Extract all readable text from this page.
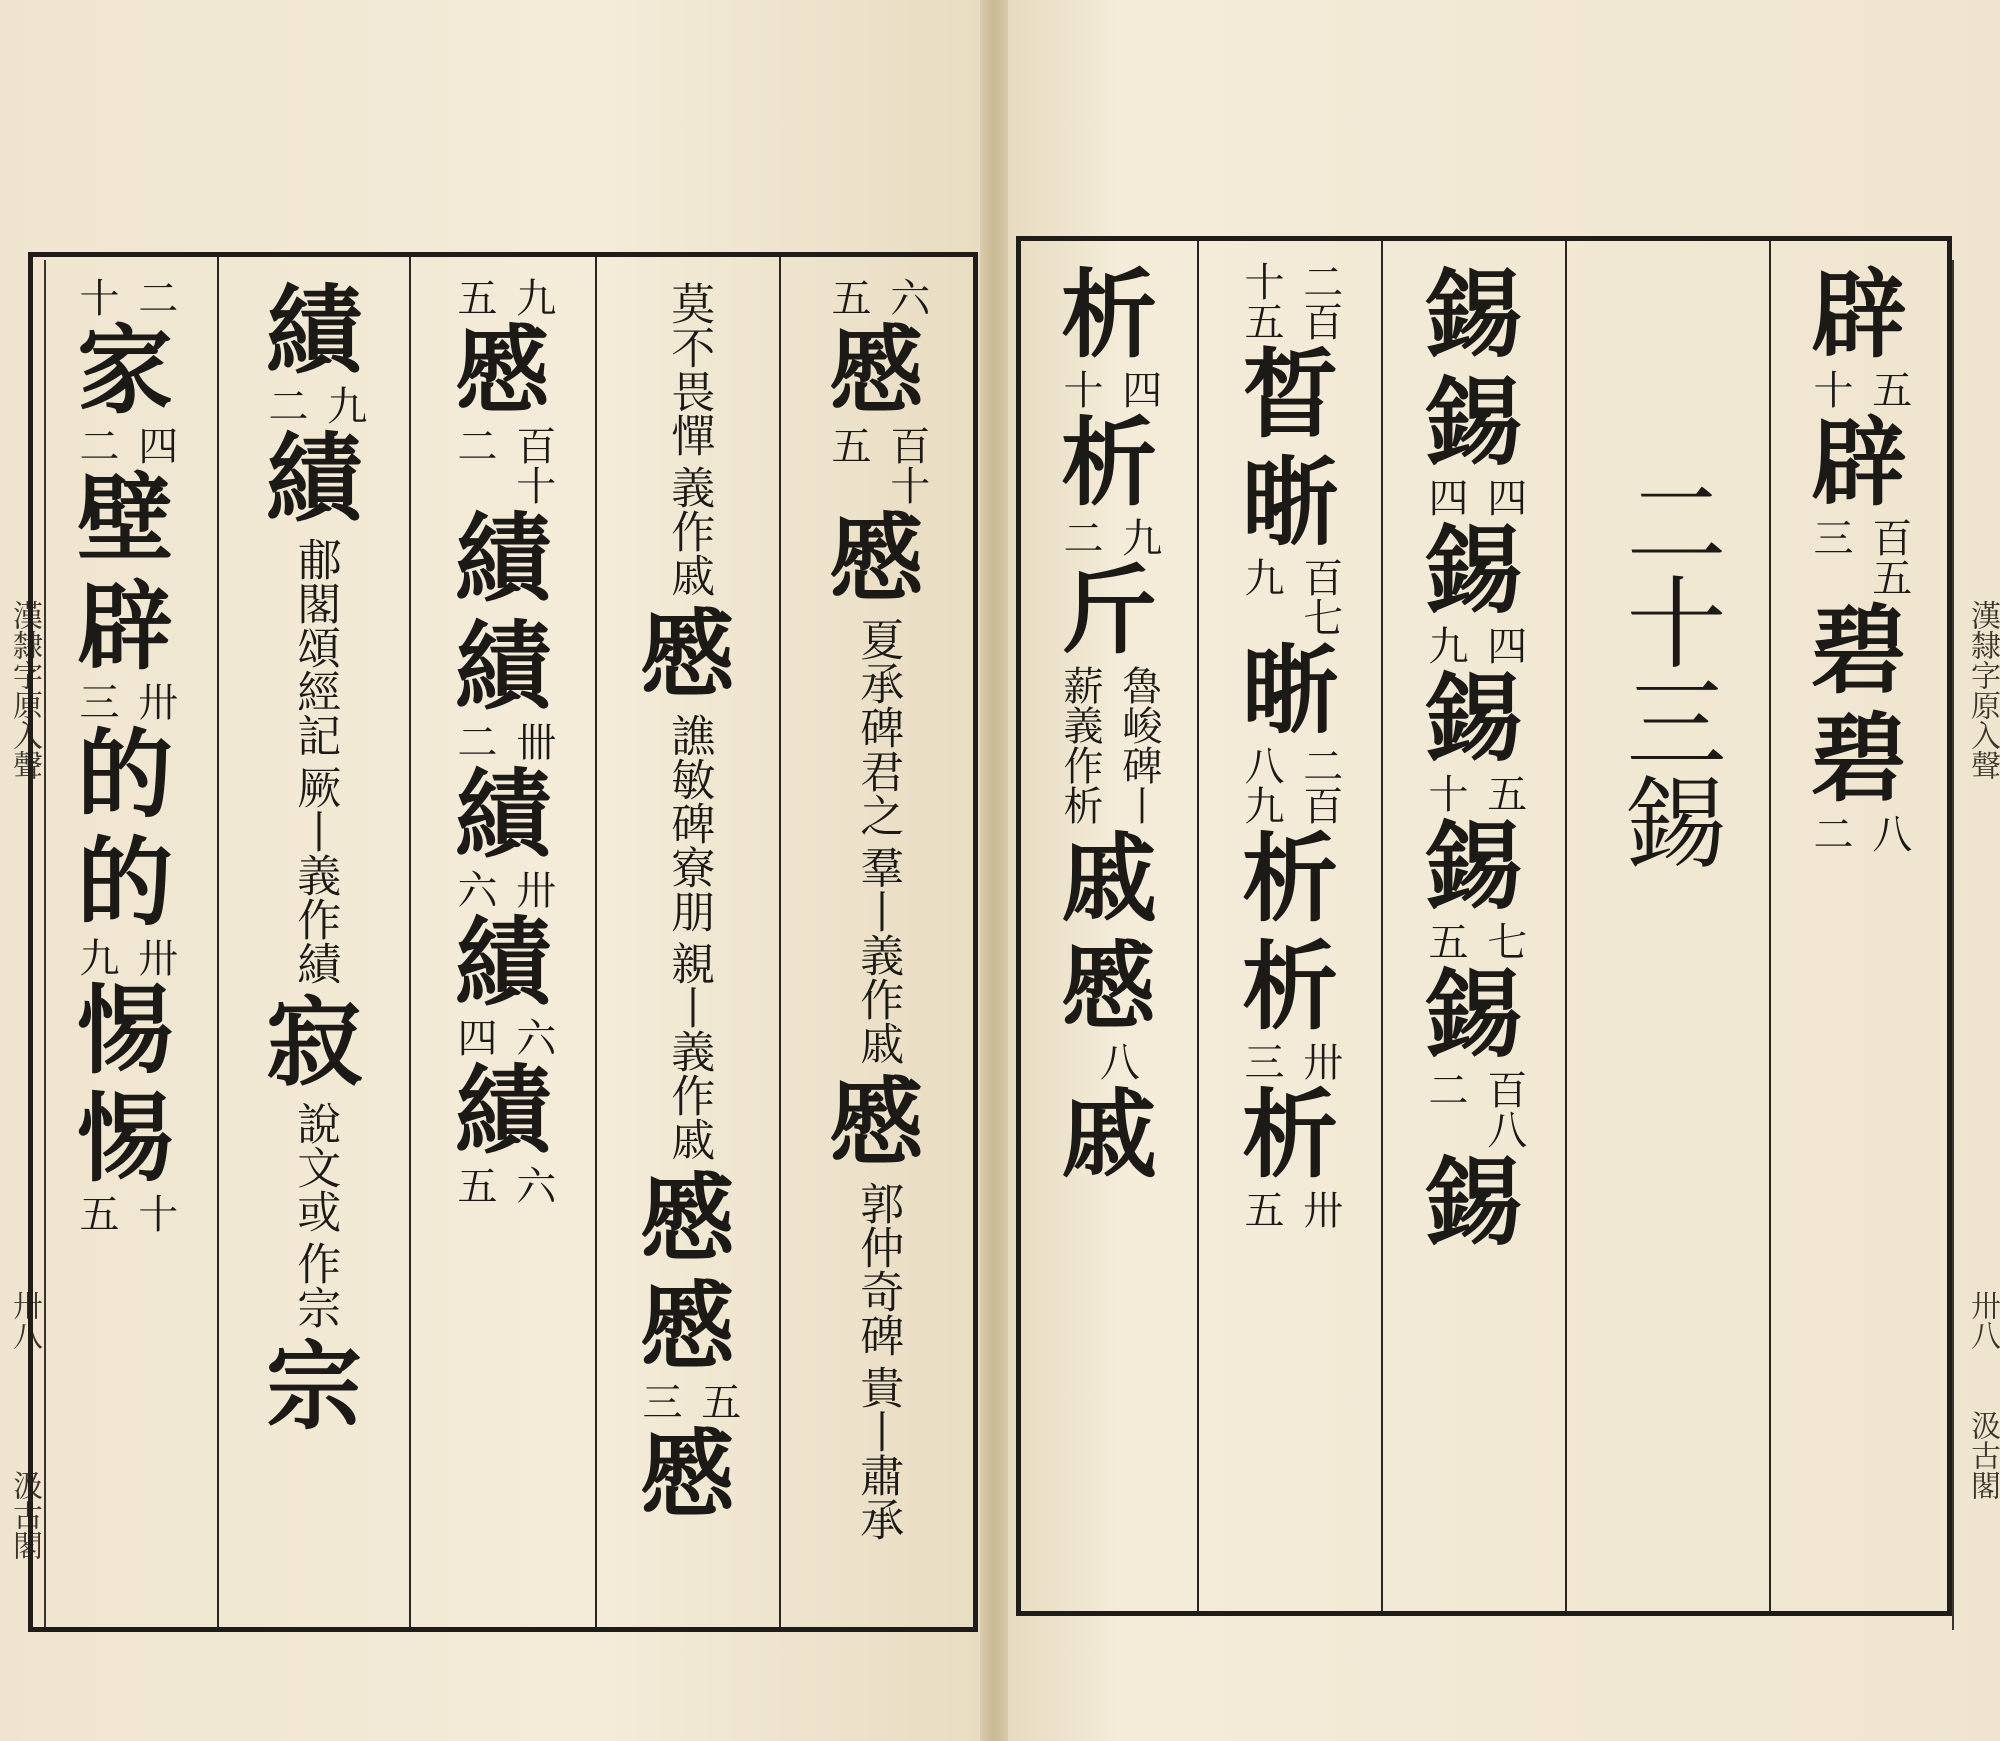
漢隸字原入聲
卅八
汲古閣
漢隸字原入聲
卅八
汲古閣
析
四
十
析
九
二
斤
魯峻碑丨
薪義作析
戚
慼
八
戚
二百
十五
晳
晣
百七
九
晣
二百
八九
析
析
卅
三
析
卅
五
錫
錫
四
四
錫
四
九
錫
五
十
錫
七
五
錫
百八
二
錫
二十三錫
辟
五
十
辟
百五
三
碧
碧
八
二
二
十
家
四
二
壁
辟
卅
三
的
的
卅
九
惕
惕
十
五
績
九
二
績
郙閣頌經記
厥丨義作績
寂
說文或
作宗
宗
九
五
慼
百十
二
績
績
卌
二
績
卅
六
績
六
四
績
六
五
莫不畏憚
義作戚
慼
譙敏碑寮朋
親丨義作戚
慼
慼
五
三
慼
六
五
慼
百十
五
慼
夏承碑君之
羣丨義作戚
慼
郭仲奇碑
貴丨肅承
